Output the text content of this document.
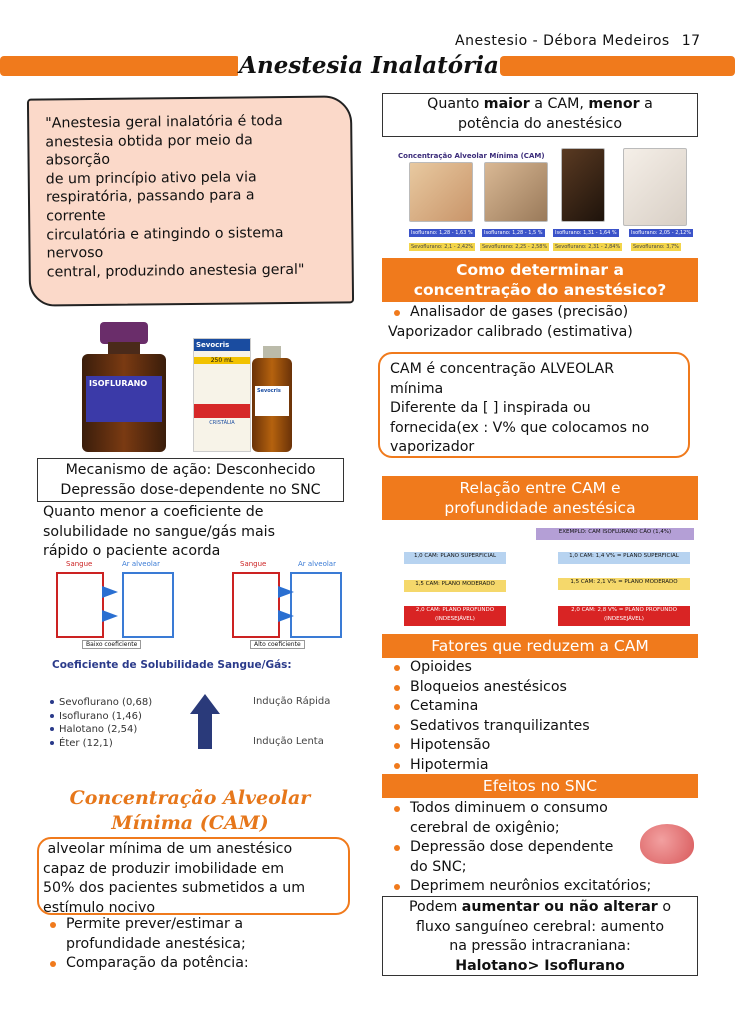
Anestesio - Débora Medeiros 17
Anestesia Inalatória
"Anestesia geral inalatória é toda
anestesia obtida por meio da
absorção
de um princípio ativo pela via
respiratória, passando para a
corrente
circulatória e atingindo o sistema
nervoso
central, produzindo anestesia geral"
ISOFLURANO
Sevocris
250 mL
CRISTÁLIA
Sevocris
Mecanismo de ação: Desconhecido
Depressão dose-dependente no SNC
Quanto menor a coeficiente de
solubilidade no sangue/gás mais
rápido o paciente acorda
Sangue	Ar alveolar
Baixo coeficiente
Sangue	Ar alveolar
Alto coeficiente
Coeficiente de Solubilidade Sangue/Gás:
Sevoflurano (0,68)
Isoflurano (1,46)
Halotano (2,54)
Éter (12,1)
Indução Rápida
Indução Lenta
Concentração Alveolar
Mínima (CAM)
alveolar mínima de um anestésico
capaz de produzir imobilidade em
50% dos pacientes submetidos a um
estímulo nocivo
Permite prever/estimar a
profundidade anestésica;
Comparação da potência:
Quanto maior a CAM, menor a
potência do anestésico
Concentração Alveolar Mínima (CAM)
Isoflurano: 1,28 - 1,63 %
Sevoflurano: 2,1 - 2,42%
Isoflurano: 1,28 - 1,5 %
Sevoflurano: 2,25 - 2,58%
Isoflurano: 1,31 - 1,64 %
Sevoflurano: 2,31 - 2,84%
Isoflurano: 2,05 - 2,12%
Sevoflurano: 3,7%
Como determinar a
concentração do anestésico?
Analisador de gases (precisão)
Vaporizador calibrado (estimativa)
CAM é concentração ALVEOLAR
mínima
Diferente da [ ] inspirada ou
fornecida(ex : V% que colocamos no
vaporizador
Relação entre CAM e
profundidade anestésica
1,0 CAM: PLANO SUPERFICIAL
1,5 CAM: PLANO MODERADO
2,0 CAM: PLANO PROFUNDO (INDESEJÁVEL)
EXEMPLO: CAM ISOFLURANO CÃO (1,4%)
1,0 CAM: 1,4 V% = PLANO SUPERFICIAL
1,5 CAM: 2,1 V% = PLANO MODERADO
2,0 CAM: 2,8 V% = PLANO PROFUNDO (INDESEJÁVEL)
Fatores que reduzem a CAM
Opioides
Bloqueios anestésicos
Cetamina
Sedativos tranquilizantes
Hipotensão
Hipotermia
Efeitos no SNC
Todos diminuem o consumo
cerebral de oxigênio;
Depressão dose dependente
do SNC;
Deprimem neurônios excitatórios;
Podem aumentar ou não alterar o
fluxo sanguíneo cerebral: aumento
na pressão intracraniana:
Halotano> Isoflurano
